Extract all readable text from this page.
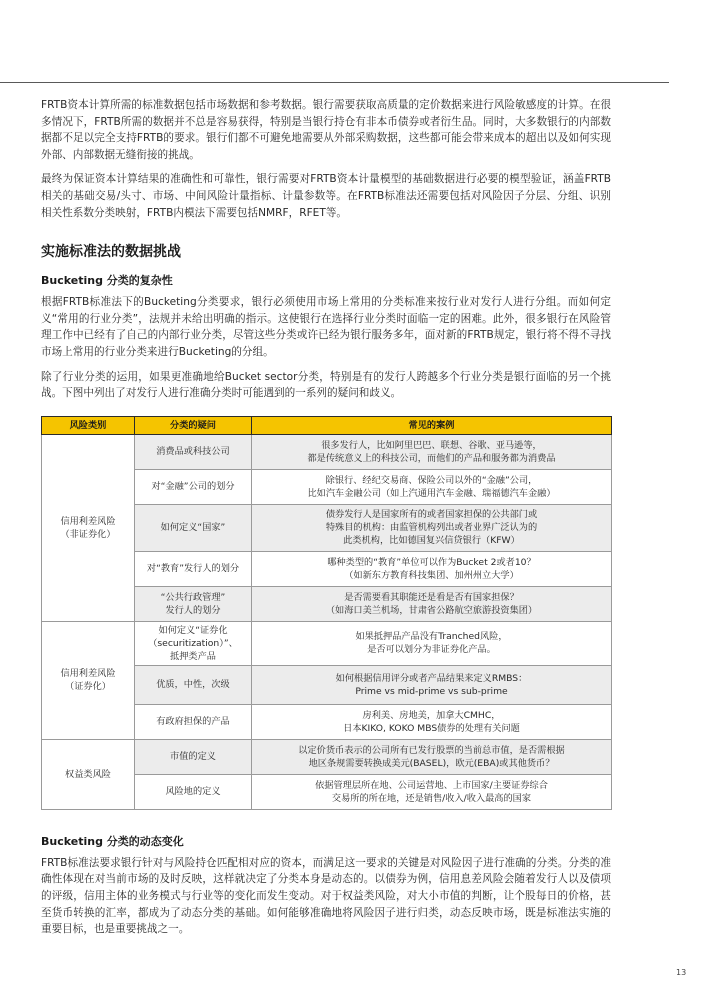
FRTB资本计算所需的标准数据包括市场数据和参考数据。银行需要获取高质量的定价数据来进行风险敏感度的计算。在很多情况下，FRTB所需的数据并不总是容易获得，特别是当银行持仓有非本币债券或者衍生品。同时，大多数银行的内部数据都不足以完全支持FRTB的要求。银行们都不可避免地需要从外部采购数据，这些都可能会带来成本的超出以及如何实现外部、内部数据无缝衔接的挑战。

最终为保证资本计算结果的准确性和可靠性，银行需要对FRTB资本计量模型的基础数据进行必要的模型验证，涵盖FRTB相关的基础交易/头寸、市场、中间风险计量指标、计量参数等。在FRTB标准法还需要包括对风险因子分层、分组、识别相关性系数分类映射，FRTB内模法下需要包括NMRF，RFET等。

实施标准法的数据挑战
Bucketing 分类的复杂性

根据FRTB标准法下的Bucketing分类要求，银行必须使用市场上常用的分类标准来按行业对发行人进行分组。而如何定义“常用的行业分类”，法规并未给出明确的指示。这使银行在选择行业分类时面临一定的困难。此外，很多银行在风险管理工作中已经有了自己的内部行业分类，尽管这些分类或许已经为银行服务多年，面对新的FRTB规定，银行将不得不寻找市场上常用的行业分类来进行Bucketing的分组。

除了行业分类的运用，如果更准确地给Bucket sector分类，特别是有的发行人跨越多个行业分类是银行面临的另一个挑战。下图中列出了对发行人进行准确分类时可能遇到的一系列的疑问和歧义。

风险类别	分类的疑问	常见的案例
信用利差风险
（非证券化）	消费品或科技公司	很多发行人，比如阿里巴巴、联想、谷歌、亚马逊等，
都是传统意义上的科技公司，而他们的产品和服务都为消费品
	对“金融”公司的划分	除银行、经纪交易商、保险公司以外的“金融”公司，
比如汽车金融公司（如上汽通用汽车金融、瑞福德汽车金融）
	如何定义“国家”	债券发行人是国家所有的或者国家担保的公共部门或
特殊目的机构：由监管机构列出或者业界广泛认为的
此类机构，比如德国复兴信贷银行（KFW）
	对“教育”发行人的划分	哪种类型的“教育”单位可以作为Bucket 2或者10？
（如新东方教育科技集团、加州州立大学）
	“公共行政管理”
发行人的划分	是否需要看其职能还是看是否有国家担保？
（如海口美兰机场，甘肃省公路航空旅游投资集团）
信用利差风险
（证券化）	如何定义“证券化
（securitization）”、
抵押类产品	如果抵押品产品没有Tranched风险，
是否可以划分为非证券化产品。
	优质，中性，次级	如何根据信用评分或者产品结果来定义RMBS：
Prime vs mid-prime vs sub-prime
	有政府担保的产品	房利美、房地美，加拿大CMHC，
日本KIKO, KOKO MBS债券的处理有关问题
权益类风险	市值的定义	以定价货币表示的公司所有已发行股票的当前总市值，是否需根据
地区条规需要转换成美元(BASEL)，欧元(EBA)或其他货币？
	风险地的定义	依据管理层所在地、公司运营地、上市国家/主要证券综合
交易所的所在地，还是销售/收入/收入最高的国家
Bucketing 分类的动态变化

FRTB标准法要求银行针对与风险持仓匹配相对应的资本，而满足这一要求的关键是对风险因子进行准确的分类。分类的准确性体现在对当前市场的及时反映，这样就决定了分类本身是动态的。以债券为例，信用息差风险会随着发行人以及债项的评级，信用主体的业务模式与行业等的变化而发生变动。对于权益类风险，对大小市值的判断，让个股每日的价格，甚至货币转换的汇率，都成为了动态分类的基础。如何能够准确地将风险因子进行归类，动态反映市场，既是标准法实施的重要目标，也是重要挑战之一。

13
